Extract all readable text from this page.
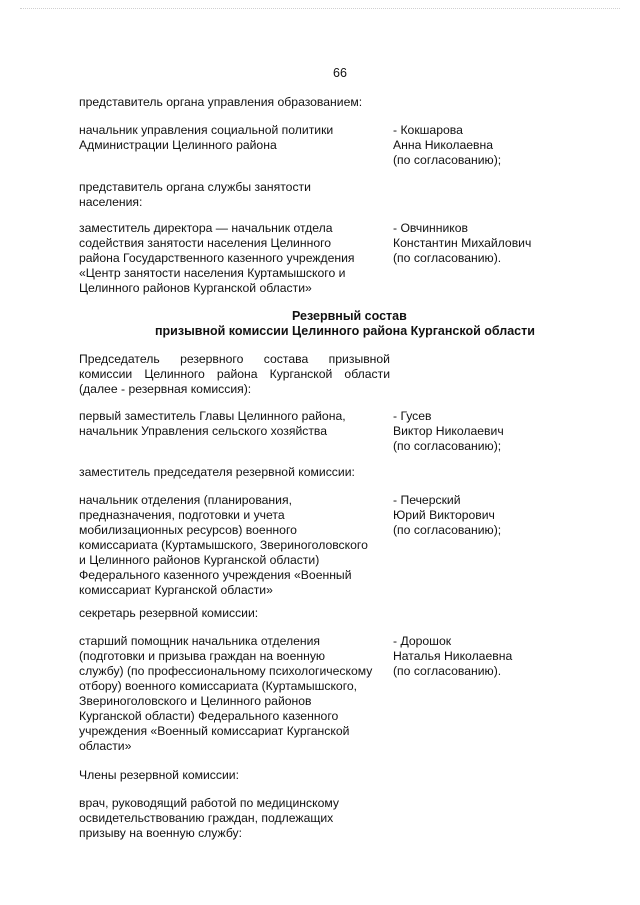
66
представитель органа управления образованием:
начальник управления социальной политики
Администрации Целинного района
- Кокшарова
Анна Николаевна
(по согласованию);
представитель органа службы занятости
населения:
заместитель директора — начальник отдела
содействия занятости населения Целинного
района Государственного казенного учреждения
«Центр занятости населения Куртамышского и
Целинного районов Курганской области»
- Овчинников
Константин Михайлович
(по согласованию).
Резервный состав
призывной комиссии Целинного района Курганской области
Председатель резервного состава призывной
комиссии Целинного района Курганской области
(далее - резервная комиссия):
первый заместитель Главы Целинного района,
начальник Управления сельского хозяйства
- Гусев
Виктор Николаевич
(по согласованию);
заместитель председателя резервной комиссии:
начальник отделения (планирования,
предназначения, подготовки и учета
мобилизационных ресурсов) военного
комиссариата (Куртамышского, Звериноголовского
и Целинного районов Курганской области)
Федерального казенного учреждения «Военный
комиссариат Курганской области»
- Печерский
Юрий Викторович
(по согласованию);
секретарь резервной комиссии:
старший помощник начальника отделения
(подготовки и призыва граждан на военную
службу) (по профессиональному психологическому
отбору) военного комиссариата (Куртамышского,
Звериноголовского и Целинного районов
Курганской области) Федерального казенного
учреждения «Военный комиссариат Курганской
области»
- Дорошок
Наталья Николаевна
(по согласованию).
Члены резервной комиссии:
врач, руководящий работой по медицинскому
освидетельствованию граждан, подлежащих
призыву на военную службу:
